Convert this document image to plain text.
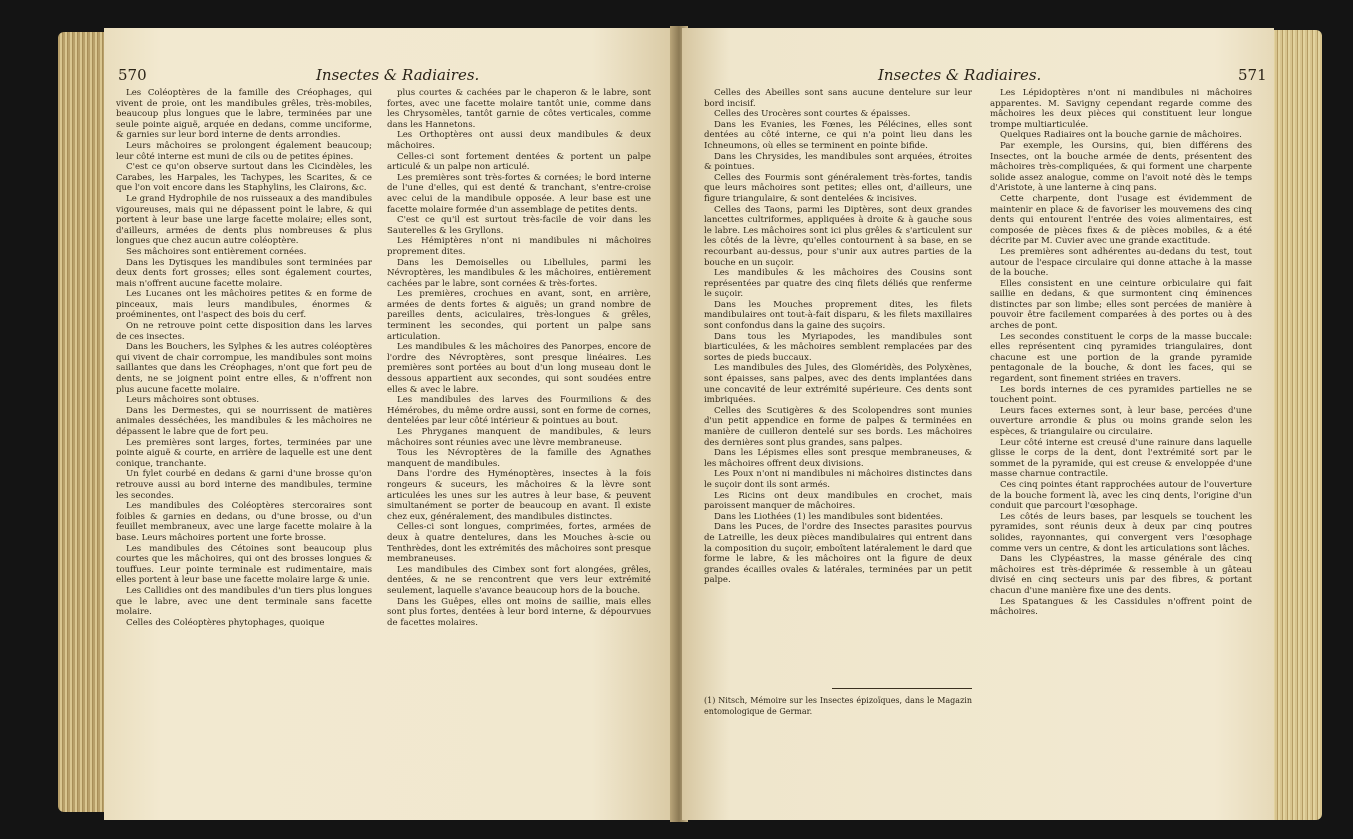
570	Insectes & Radiaires.

Les Coléoptères de la famille des Créophages, qui vivent de proie, ont les mandibules grêles, très-mobiles, beaucoup plus longues que le labre, terminées par une seule pointe aiguë, arquée en dedans, comme unciforme, & garnies sur leur bord interne de dents arrondies.

Leurs mâchoires se prolongent également beaucoup; leur côté interne est muni de cils ou de petites épines.

C'est ce qu'on observe surtout dans les Cicindèles, les Carabes, les Harpales, les Tachypes, les Scarites, & ce que l'on voit encore dans les Staphylins, les Clairons, &c.

Le grand Hydrophile de nos ruisseaux a des mandibules vigoureuses, mais qui ne dépassent point le labre, & qui portent à leur base une large facette molaire; elles sont, d'ailleurs, armées de dents plus nombreuses & plus longues que chez aucun autre coléoptère.

Ses mâchoires sont entièrement cornées.

Dans les Dytisques les mandibules sont terminées par deux dents fort grosses; elles sont également courtes, mais n'offrent aucune facette molaire.

Les Lucanes ont les mâchoires petites & en forme de pinceaux, mais leurs mandibules, énormes & proéminentes, ont l'aspect des bois du cerf.

On ne retrouve point cette disposition dans les larves de ces insectes.

Dans les Bouchers, les Sylphes & les autres coléoptères qui vivent de chair corrompue, les mandibules sont moins saillantes que dans les Créophages, n'ont que fort peu de dents, ne se joignent point entre elles, & n'offrent non plus aucune facette molaire.

Leurs mâchoires sont obtuses.

Dans les Dermestes, qui se nourrissent de matières animales desséchées, les mandibules & les mâchoires ne dépassent le labre que de fort peu.

Les premières sont larges, fortes, terminées par une pointe aiguë & courte, en arrière de laquelle est une dent conique, tranchante.

Un fylet courbé en dedans & garni d'une brosse qu'on retrouve aussi au bord interne des mandibules, termine les secondes.

Les mandibules des Coléoptères stercoraires sont foibles & garnies en dedans, ou d'une brosse, ou d'un feuillet membraneux, avec une large facette molaire à la base. Leurs mâchoires portent une forte brosse.

Les mandibules des Cétoines sont beaucoup plus courtes que les mâchoires, qui ont des brosses longues & touffues. Leur pointe terminale est rudimentaire, mais elles portent à leur base une facette molaire large & unie.

Les Callidies ont des mandibules d'un tiers plus longues que le labre, avec une dent terminale sans facette molaire.

Celles des Coléoptères phytophages, quoique

plus courtes & cachées par le chaperon & le labre, sont fortes, avec une facette molaire tantôt unie, comme dans les Chrysomèles, tantôt garnie de côtes verticales, comme dans les Hannetons.

Les Orthoptères ont aussi deux mandibules & deux mâchoires.

Celles-ci sont fortement dentées & portent un palpe articulé & un palpe non articulé.

Les premières sont très-fortes & cornées; le bord interne de l'une d'elles, qui est denté & tranchant, s'entre-croise avec celui de la mandibule opposée. A leur base est une facette molaire formée d'un assemblage de petites dents.

C'est ce qu'il est surtout très-facile de voir dans les Sauterelles & les Gryllons.

Les Hémiptères n'ont ni mandibules ni mâchoires proprement dites.

Dans les Demoiselles ou Libellules, parmi les Névroptères, les mandibules & les mâchoires, entièrement cachées par le labre, sont cornées & très-fortes.

Les premières, crochues en avant, sont, en arrière, armées de dents fortes & aiguës; un grand nombre de pareilles dents, aciculaires, très-longues & grêles, terminent les secondes, qui portent un palpe sans articulation.

Les mandibules & les mâchoires des Panorpes, encore de l'ordre des Névroptères, sont presque linéaires. Les premières sont portées au bout d'un long museau dont le dessous appartient aux secondes, qui sont soudées entre elles & avec le labre.

Les mandibules des larves des Fourmilions & des Hémérobes, du même ordre aussi, sont en forme de cornes, dentelées par leur côté intérieur & pointues au bout.

Les Phryganes manquent de mandibules, & leurs mâchoires sont réunies avec une lèvre membraneuse.

Tous les Névroptères de la famille des Agnathes manquent de mandibules.

Dans l'ordre des Hyménoptères, insectes à la fois rongeurs & suceurs, les mâchoires & la lèvre sont articulées les unes sur les autres à leur base, & peuvent simultanément se porter de beaucoup en avant. Il existe chez eux, généralement, des mandibules distinctes.

Celles-ci sont longues, comprimées, fortes, armées de deux à quatre dentelures, dans les Mouches à-scie ou Tenthrèdes, dont les extrémités des mâchoires sont presque membraneuses.

Les mandibules des Cimbex sont fort alongées, grêles, dentées, & ne se rencontrent que vers leur extrémité seulement, laquelle s'avance beaucoup hors de la bouche.

Dans les Guêpes, elles ont moins de saillie, mais elles sont plus fortes, dentées à leur bord interne, & dépourvues de facettes molaires.

Insectes & Radiaires.	571

Celles des Abeilles sont sans aucune dentelure sur leur bord incisif.

Celles des Urocères sont courtes & épaisses.

Dans les Evanies, les Fœnes, les Pélécines, elles sont dentées au côté interne, ce qui n'a point lieu dans les Ichneumons, où elles se terminent en pointe bifide.

Dans les Chrysides, les mandibules sont arquées, étroites & pointues.

Celles des Fourmis sont généralement très-fortes, tandis que leurs mâchoires sont petites; elles ont, d'ailleurs, une figure triangulaire, & sont dentelées & incisives.

Celles des Taons, parmi les Diptères, sont deux grandes lancettes cultriformes, appliquées à droite & à gauche sous le labre. Les mâchoires sont ici plus grêles & s'articulent sur les côtés de la lèvre, qu'elles contournent à sa base, en se recourbant au-dessus, pour s'unir aux autres parties de la bouche en un suçoir.

Les mandibules & les mâchoires des Cousins sont représentées par quatre des cinq filets déliés que renferme le suçoir.

Dans les Mouches proprement dites, les filets mandibulaires ont tout-à-fait disparu, & les filets maxillaires sont confondus dans la gaine des suçoirs.

Dans tous les Myriapodes, les mandibules sont biarticulées, & les mâchoires semblent remplacées par des sortes de pieds buccaux.

Les mandibules des Jules, des Gloméridès, des Polyxènes, sont épaisses, sans palpes, avec des dents implantées dans une concavité de leur extrémité supérieure. Ces dents sont imbriquées.

Celles des Scutigères & des Scolopendres sont munies d'un petit appendice en forme de palpes & terminées en manière de cuilleron dentelé sur ses bords. Les mâchoires des dernières sont plus grandes, sans palpes.

Dans les Lépismes elles sont presque membraneuses, & les mâchoires offrent deux divisions.

Les Poux n'ont ni mandibules ni mâchoires distinctes dans le suçoir dont ils sont armés.

Les Ricins ont deux mandibules en crochet, mais paroissent manquer de mâchoires.

Dans les Liothées (1) les mandibules sont bidentées.

Dans les Puces, de l'ordre des Insectes parasites pourvus de Latreille, les deux pièces mandibulaires qui entrent dans la composition du suçoir, emboîtent latéralement le dard que forme le labre, & les mâchoires ont la figure de deux grandes écailles ovales & latérales, terminées par un petit palpe.

(1) Nitsch, Mémoire sur les Insectes épizoïques, dans le Magazin entomologique de Germar.

Les Lépidoptères n'ont ni mandibules ni mâchoires apparentes. M. Savigny cependant regarde comme des mâchoires les deux pièces qui constituent leur longue trompe multiarticulée.

Quelques Radiaires ont la bouche garnie de mâchoires.

Par exemple, les Oursins, qui, bien différens des Insectes, ont la bouche armée de dents, présentent des mâchoires très-compliquées, & qui forment une charpente solide assez analogue, comme on l'avoit noté dès le temps d'Aristote, à une lanterne à cinq pans.

Cette charpente, dont l'usage est évidemment de maintenir en place & de favoriser les mouvemens des cinq dents qui entourent l'entrée des voies alimentaires, est composée de pièces fixes & de pièces mobiles, & a été décrite par M. Cuvier avec une grande exactitude.

Les premières sont adhérentes au-dedans du test, tout autour de l'espace circulaire qui donne attache à la masse de la bouche.

Elles consistent en une ceinture orbiculaire qui fait saillie en dedans, & que surmontent cinq éminences distinctes par son limbe; elles sont percées de manière à pouvoir être facilement comparées à des portes ou à des arches de pont.

Les secondes constituent le corps de la masse buccale: elles représentent cinq pyramides triangulaires, dont chacune est une portion de la grande pyramide pentagonale de la bouche, & dont les faces, qui se regardent, sont finement striées en travers.

Les bords internes de ces pyramides partielles ne se touchent point.

Leurs faces externes sont, à leur base, percées d'une ouverture arrondie & plus ou moins grande selon les espèces, & triangulaire ou circulaire.

Leur côté interne est creusé d'une rainure dans laquelle glisse le corps de la dent, dont l'extrémité sort par le sommet de la pyramide, qui est creuse & enveloppée d'une masse charnue contractile.

Ces cinq pointes étant rapprochées autour de l'ouverture de la bouche forment là, avec les cinq dents, l'origine d'un conduit que parcourt l'œsophage.

Les côtés de leurs bases, par lesquels se touchent les pyramides, sont réunis deux à deux par cinq poutres solides, rayonnantes, qui convergent vers l'œsophage comme vers un centre, & dont les articulations sont lâches.

Dans les Clypéastres, la masse générale des cinq mâchoires est très-déprimée & ressemble à un gâteau divisé en cinq secteurs unis par des fibres, & portant chacun d'une manière fixe une des dents.

Les Spatangues & les Cassidules n'offrent point de mâchoires.
